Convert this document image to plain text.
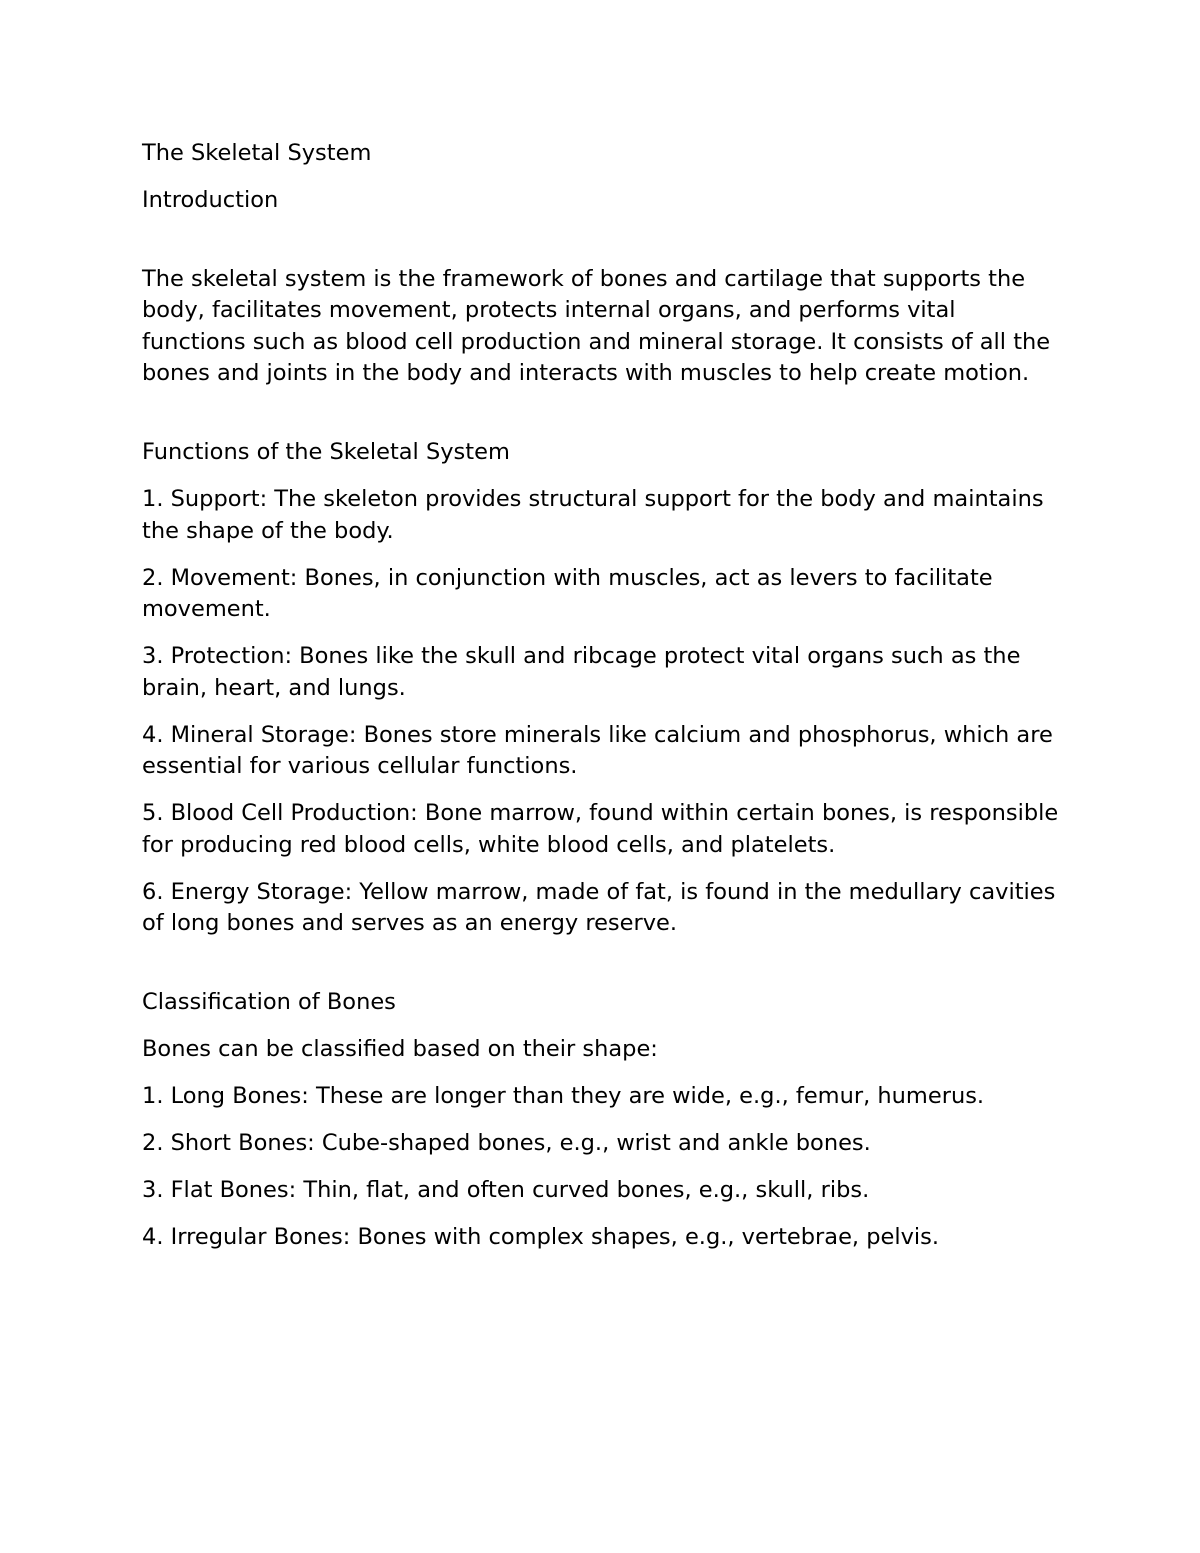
The Skeletal System

Introduction

The skeletal system is the framework of bones and cartilage that supports the body, facilitates movement, protects internal organs, and performs vital functions such as blood cell production and mineral storage. It consists of all the bones and joints in the body and interacts with muscles to help create motion.

Functions of the Skeletal System

1. Support: The skeleton provides structural support for the body and maintains the shape of the body.

2. Movement: Bones, in conjunction with muscles, act as levers to facilitate movement.

3. Protection: Bones like the skull and ribcage protect vital organs such as the brain, heart, and lungs.

4. Mineral Storage: Bones store minerals like calcium and phosphorus, which are essential for various cellular functions.

5. Blood Cell Production: Bone marrow, found within certain bones, is responsible for producing red blood cells, white blood cells, and platelets.

6. Energy Storage: Yellow marrow, made of fat, is found in the medullary cavities of long bones and serves as an energy reserve.

Classification of Bones

Bones can be classified based on their shape:

1. Long Bones: These are longer than they are wide, e.g., femur, humerus.

2. Short Bones: Cube-shaped bones, e.g., wrist and ankle bones.

3. Flat Bones: Thin, flat, and often curved bones, e.g., skull, ribs.

4. Irregular Bones: Bones with complex shapes, e.g., vertebrae, pelvis.
